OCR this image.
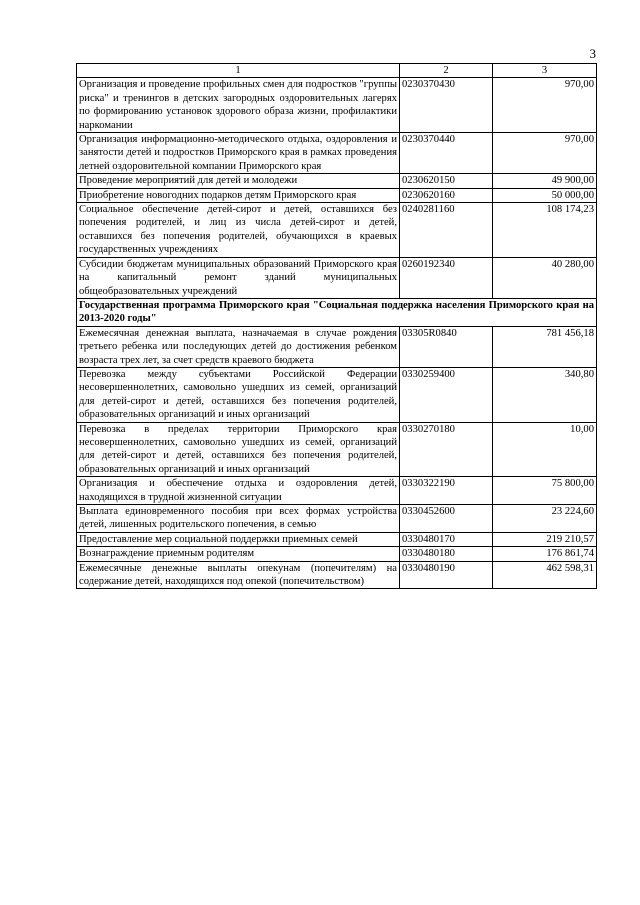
3
1	2	3
Организация и проведение профильных смен для подростков "группы риска" и тренингов в детских загородных оздоровительных лагерях по формированию установок здорового образа жизни, профилактики наркомании	0230370430	970,00
Организация информационно-методического отдыха, оздоровления и занятости детей и подростков Приморского края в рамках проведения летней оздоровительной компании Приморского края	0230370440	970,00
Проведение мероприятий для детей и молодежи	0230620150	49 900,00
Приобретение новогодних подарков детям Приморского края	0230620160	50 000,00
Социальное обеспечение детей-сирот и детей, оставшихся без попечения родителей, и лиц из числа детей-сирот и детей, оставшихся без попечения родителей, обучающихся в краевых государственных учреждениях	0240281160	108 174,23
Субсидии бюджетам муниципальных образований Приморского края на капитальный ремонт зданий муниципальных общеобразовательных учреждений	0260192340	40 280,00
Государственная программа Приморского края "Социальная поддержка населения Приморского края на 2013-2020 годы"		
Ежемесячная денежная выплата, назначаемая в случае рождения третьего ребенка или последующих детей до достижения ребенком возраста трех лет, за счет средств краевого бюджета	03305R0840	781 456,18
Перевозка между субъектами Российской Федерации несовершеннолетних, самовольно ушедших из семей, организаций для детей-сирот и детей, оставшихся без попечения родителей, образовательных организаций и иных организаций	0330259400	340,80
Перевозка в пределах территории Приморского края несовершеннолетних, самовольно ушедших из семей, организаций для детей-сирот и детей, оставшихся без попечения родителей, образовательных организаций и иных организаций	0330270180	10,00
Организация и обеспечение отдыха и оздоровления детей, находящихся в трудной жизненной ситуации	0330322190	75 800,00
Выплата единовременного пособия при всех формах устройства детей, лишенных родительского попечения, в семью	0330452600	23 224,60
Предоставление мер социальной поддержки приемных семей	0330480170	219 210,57
Вознаграждение приемным родителям	0330480180	176 861,74
Ежемесячные денежные выплаты опекунам (попечителям) на содержание детей, находящихся под опекой (попечительством)	0330480190	462 598,31
